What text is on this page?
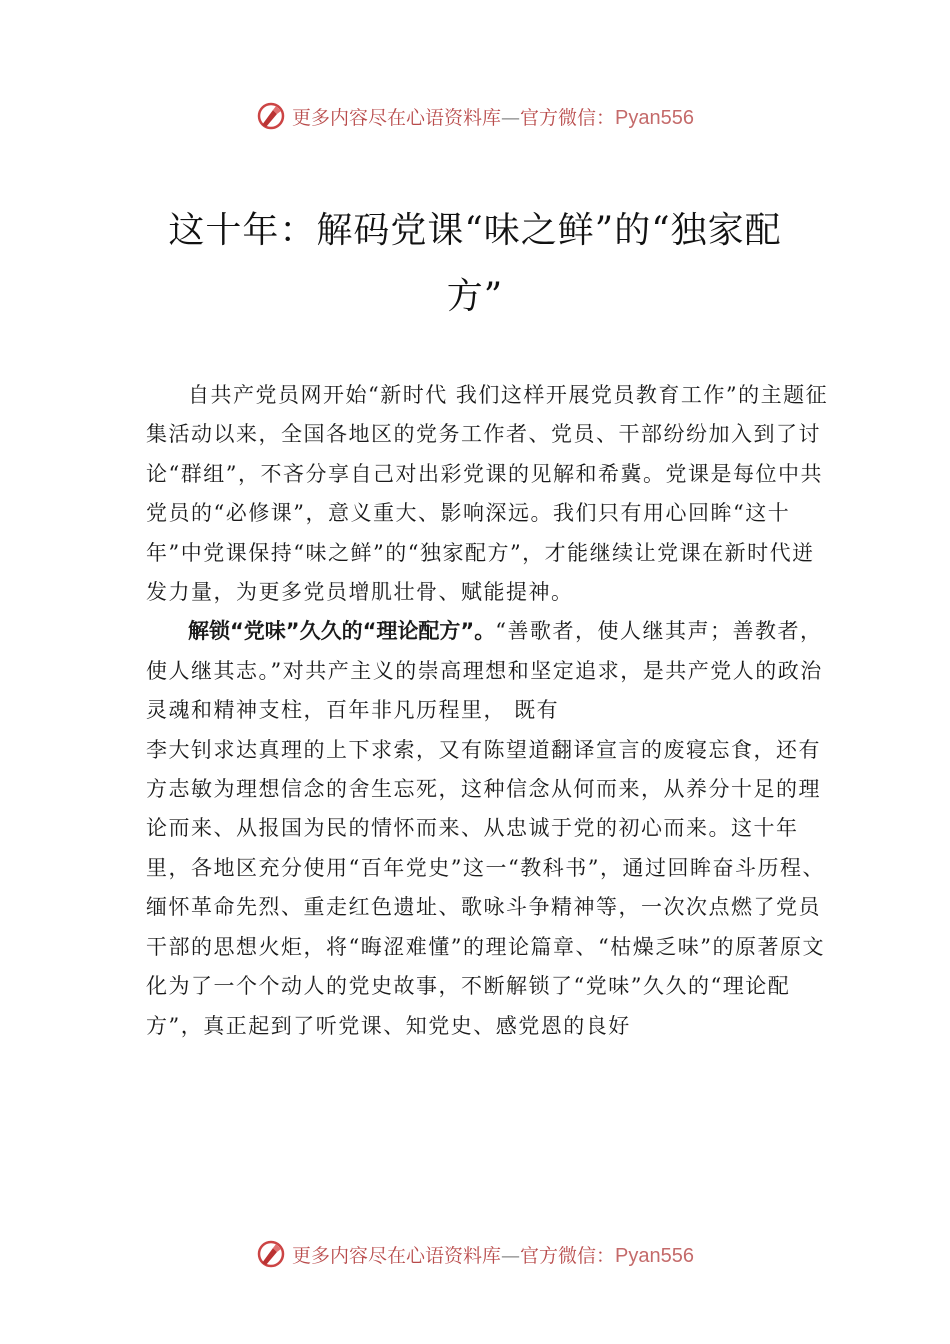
更多内容尽在心语资料库—官方微信：Pyan556
这十年：解码党课“味之鲜”的“独家配
方”

自共产党员网开始“新时代 我们这样开展党员教育工作”的主题征集活动以来，全国各地区的党务工作者、党员、干部纷纷加入到了讨论“群组”，不吝分享自己对出彩党课的见解和希冀。党课是每位中共党员的“必修课”，意义重大、影响深远。我们只有用心回眸“这十年”中党课保持“味之鲜”的“独家配方”，才能继续让党课在新时代迸发力量，为更多党员增肌壮骨、赋能提神。

解锁“党味”久久的“理论配方”。“善歌者，使人继其声；善教者，使人继其志。”对共产主义的崇高理想和坚定追求，是共产党人的政治灵魂和精神支柱，百年非凡历程里， 既有

李大钊求达真理的上下求索，又有陈望道翻译宣言的废寝忘食，还有方志敏为理想信念的舍生忘死，这种信念从何而来，从养分十足的理论而来、从报国为民的情怀而来、从忠诚于党的初心而来。这十年里，各地区充分使用“百年党史”这一“教科书”，通过回眸奋斗历程、缅怀革命先烈、重走红色遗址、歌咏斗争精神等，一次次点燃了党员干部的思想火炬，将“晦涩难懂”的理论篇章、“枯燥乏味”的原著原文化为了一个个动人的党史故事，不断解锁了“党味”久久的“理论配方”，真正起到了听党课、知党史、感党恩的良好

更多内容尽在心语资料库—官方微信：Pyan556
